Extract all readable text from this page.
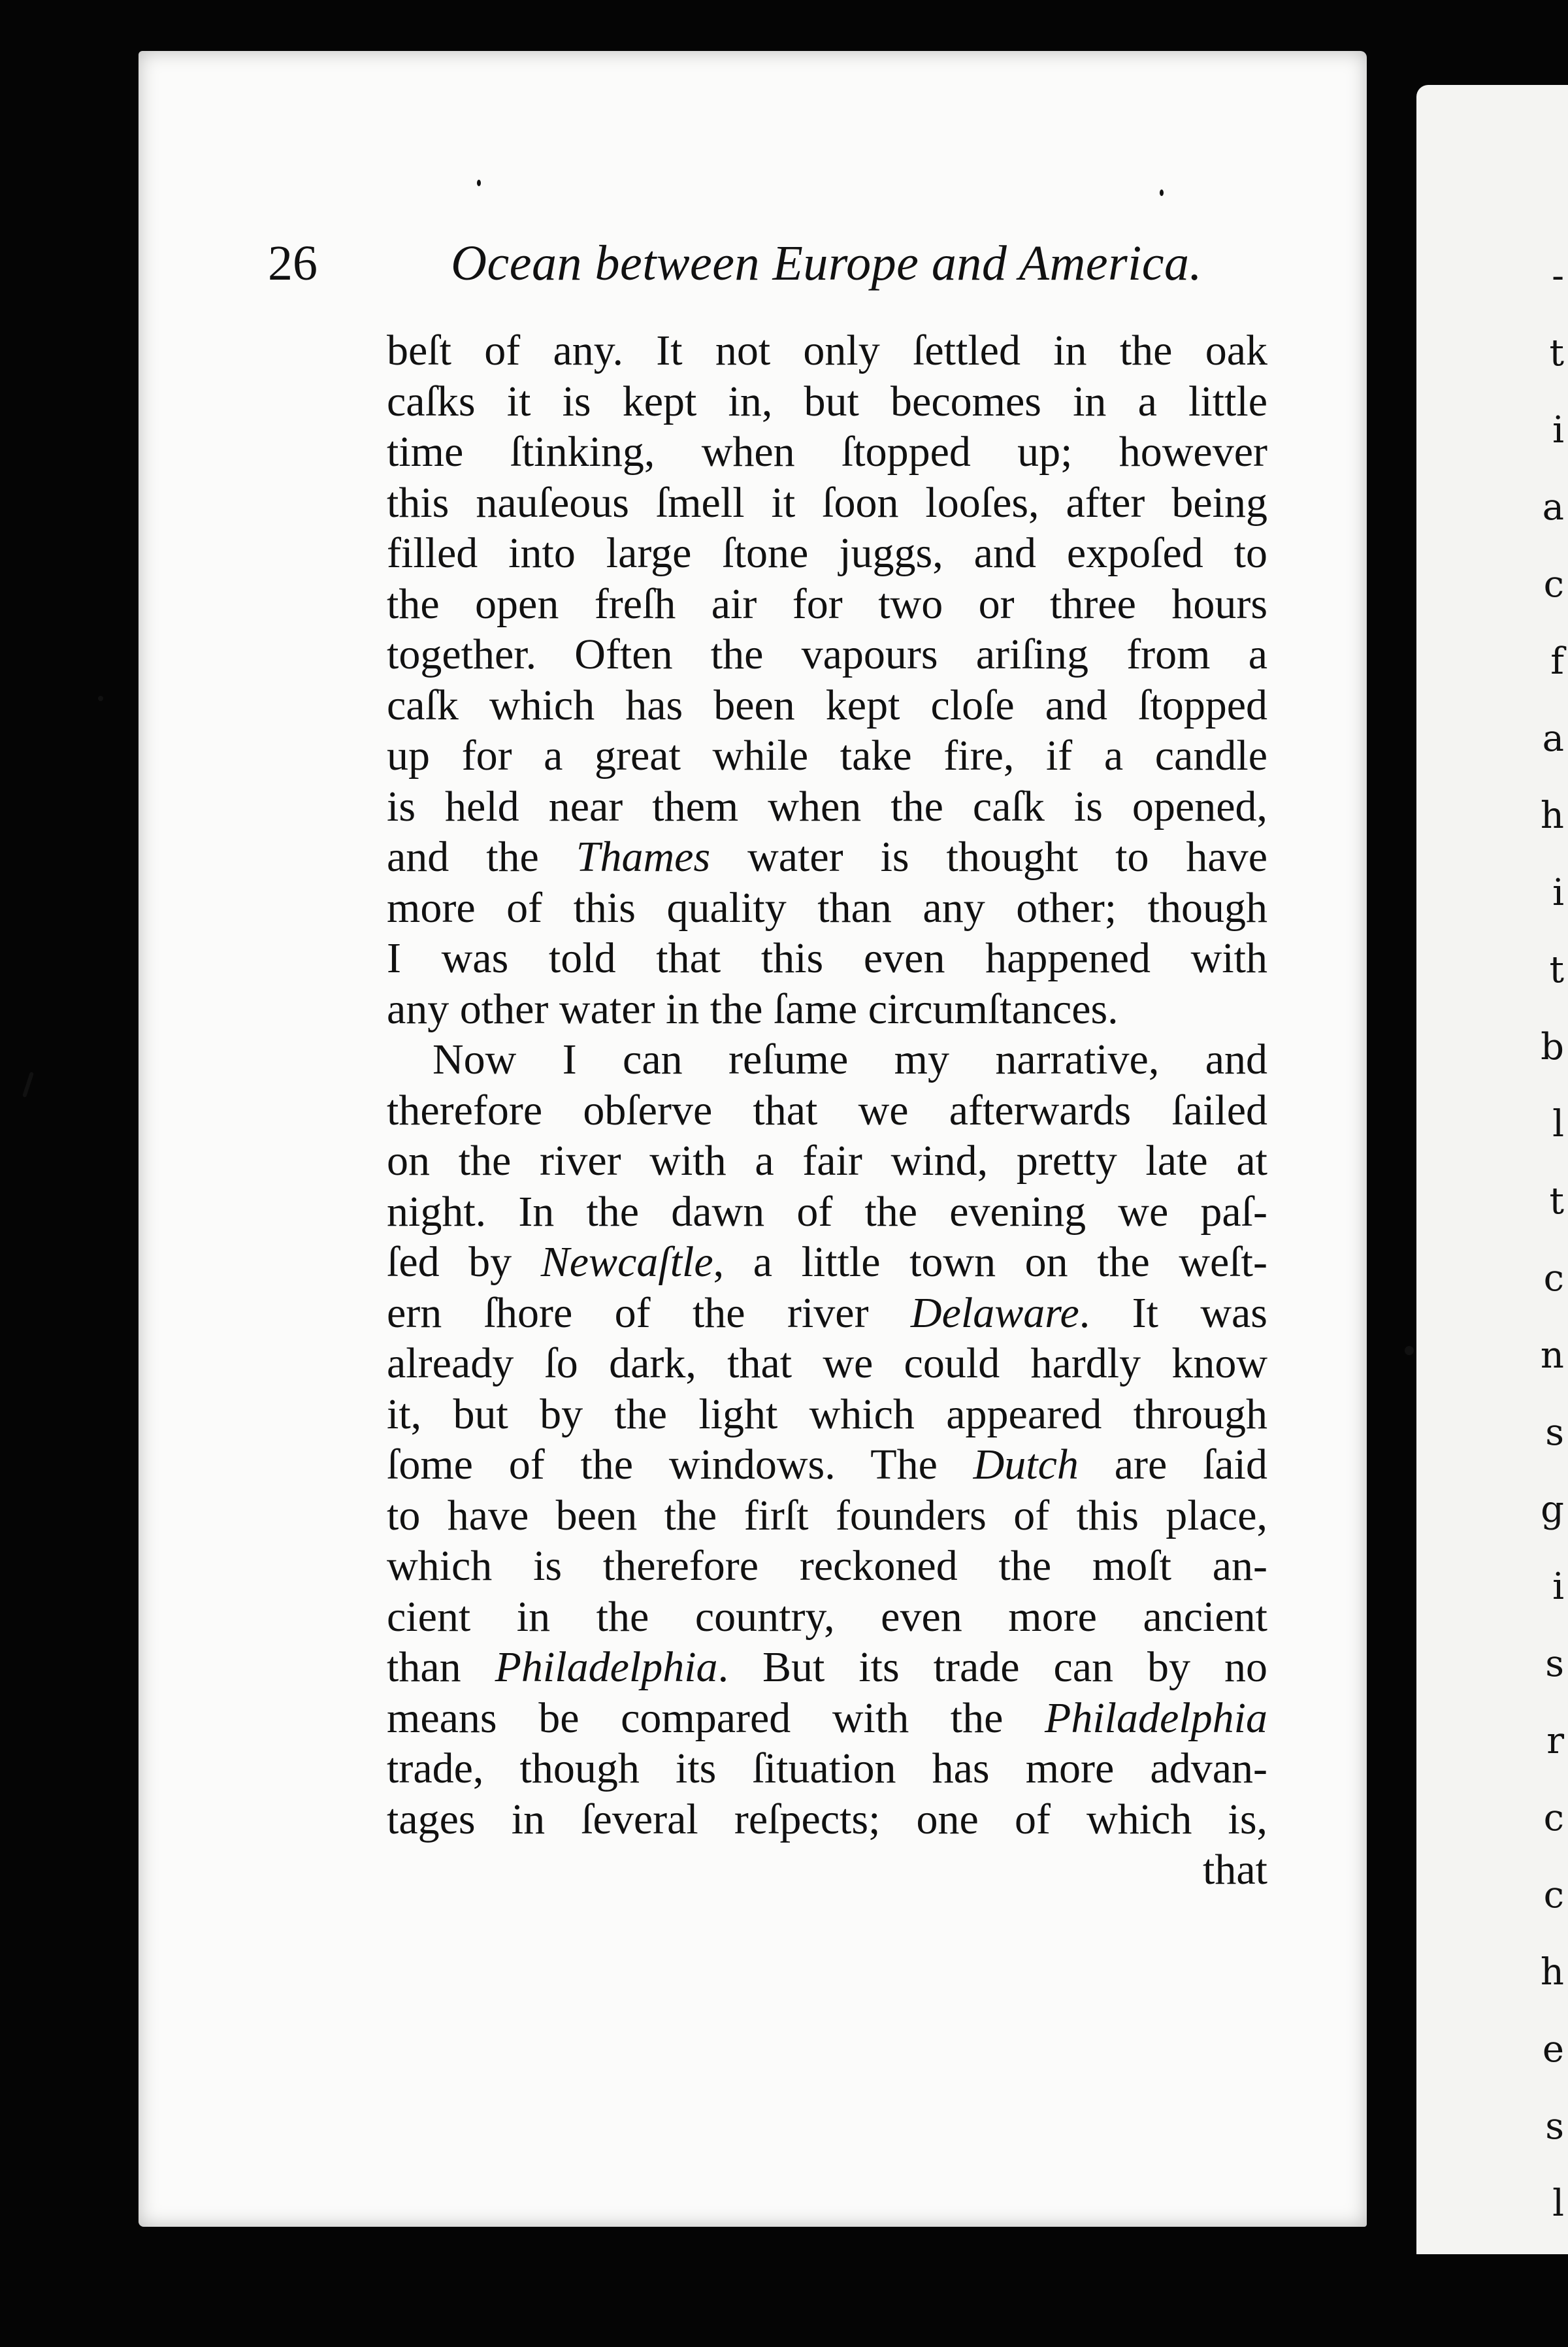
-
t
i
a
c
f
a
h
i
t
b
l
t
c
n
s
g
i
s
r
c
c
h
e
s
l
26	Ocean between Europe and America.
beſt of any. It not only ſettled in the oak
caſks it is kept in, but becomes in a little
time ſtinking, when ſtopped up; however
this nauſeous ſmell it ſoon looſes, after being
filled into large ſtone juggs, and expoſed to
the open freſh air for two or three hours
together. Often the vapours ariſing from a
caſk which has been kept cloſe and ſtopped
up for a great while take fire, if a candle
is held near them when the caſk is opened,
and the Thames water is thought to have
more of this quality than any other; though
I was told that this even happened with
any other water in the ſame circumſtances.
Now I can reſume my narrative, and
therefore obſerve that we afterwards ſailed
on the river with a fair wind, pretty late at
night. In the dawn of the evening we paſ-
ſed by Newcaſtle, a little town on the weſt-
ern ſhore of the river Delaware. It was
already ſo dark, that we could hardly know
it, but by the light which appeared through
ſome of the windows. The Dutch are ſaid
to have been the firſt founders of this place,
which is therefore reckoned the moſt an-
cient in the country, even more ancient
than Philadelphia. But its trade can by no
means be compared with the Philadelphia
trade, though its ſituation has more advan-
tages in ſeveral reſpects; one of which is,
that
